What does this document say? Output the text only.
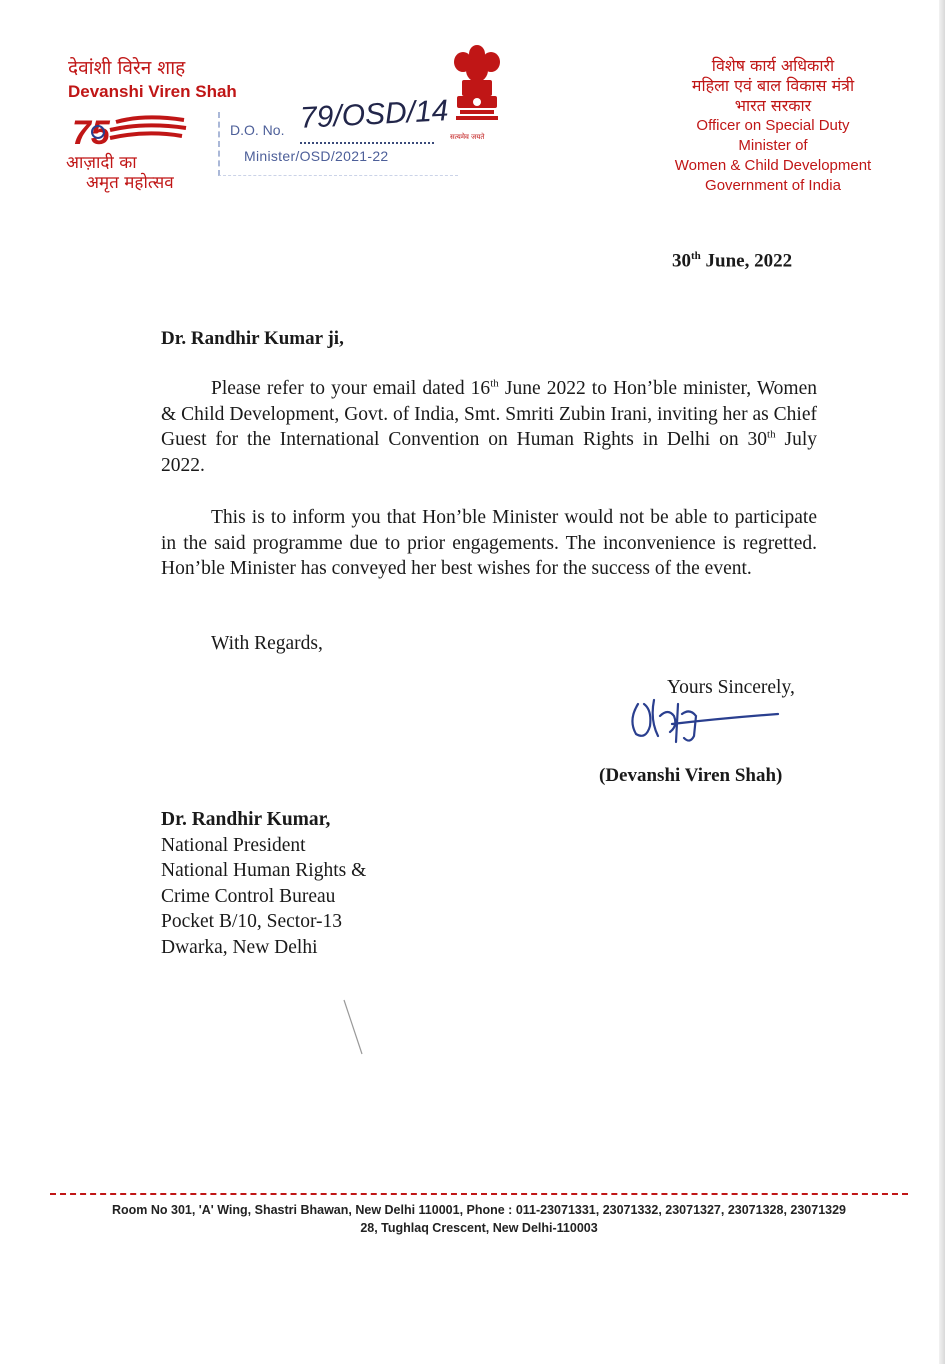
देवांशी विरेन शाह
Devanshi Viren Shah
75
आज़ादी का
अमृत महोत्सव
D.O. No. 79/OSD/14
Minister/OSD/2021-22
सत्यमेव जयते
विशेष कार्य अधिकारी
महिला एवं बाल विकास मंत्री
भारत सरकार
Officer on Special Duty
Minister of
Women & Child Development
Government of India
30th June, 2022
Dr. Randhir Kumar ji,
Please refer to your email dated 16th June 2022 to Hon’ble minister, Women & Child Development, Govt. of India, Smt. Smriti Zubin Irani, inviting her as Chief Guest for the International Convention on Human Rights in Delhi on 30th July 2022.
This is to inform you that Hon’ble Minister would not be able to participate in the said programme due to prior engagements. The inconvenience is regretted. Hon’ble Minister has conveyed her best wishes for the success of the event.
With Regards,
Yours Sincerely,
(Devanshi Viren Shah)
Dr. Randhir Kumar,
National President
National Human Rights &
Crime Control Bureau
Pocket B/10, Sector-13
Dwarka, New Delhi
Room No 301, 'A' Wing, Shastri Bhawan, New Delhi 110001, Phone : 011-23071331, 23071332, 23071327, 23071328, 23071329
28, Tughlaq Crescent, New Delhi-110003
